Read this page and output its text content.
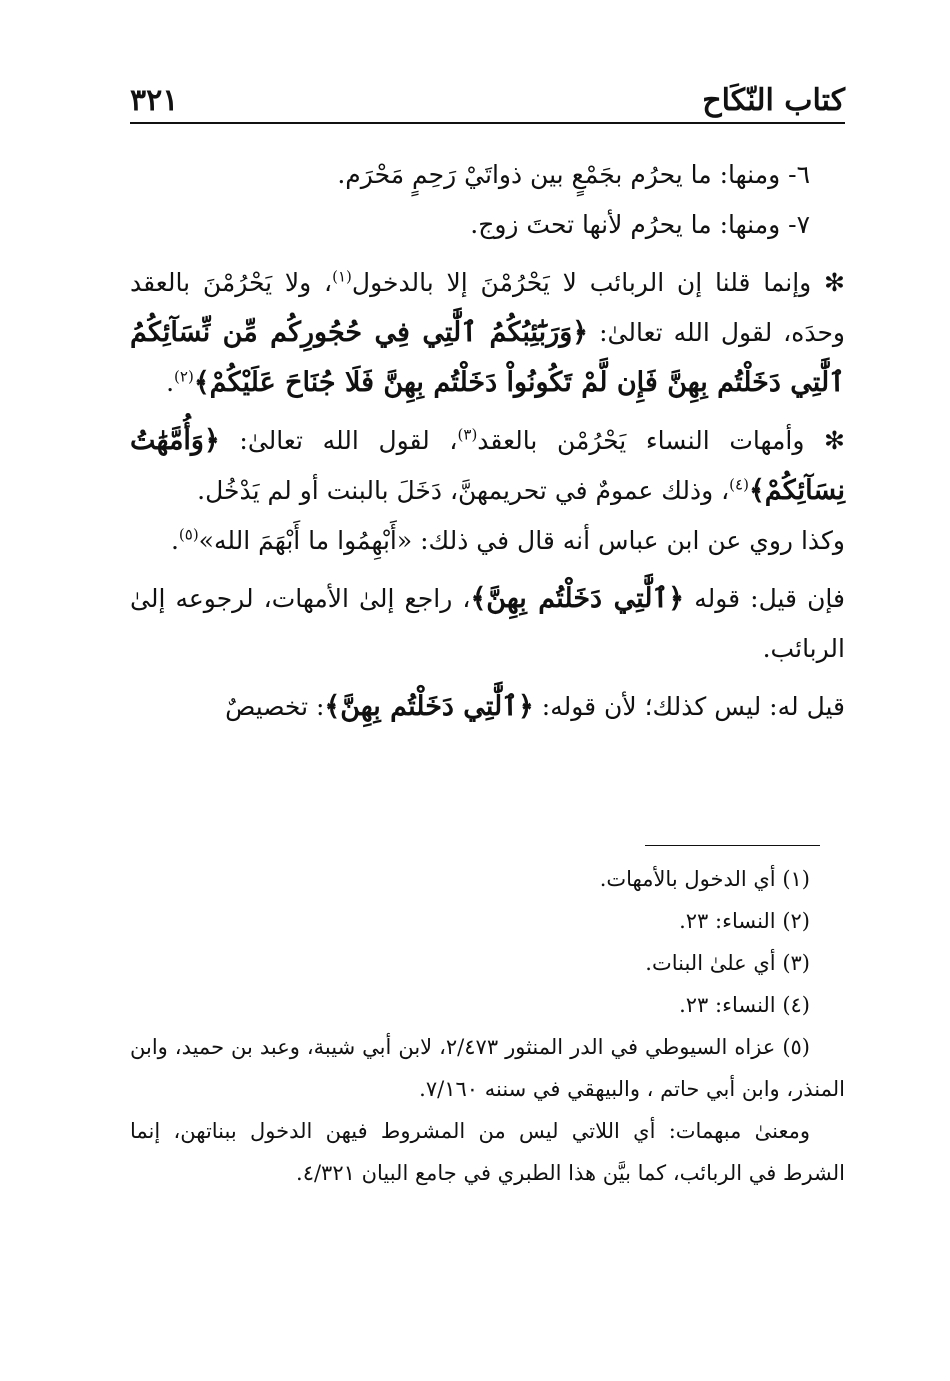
كتاب النّكَاح
٣٢١

٦- ومنها: ما يحرُم بجَمْعٍ بين ذواتَيْ رَحِمٍ مَحْرَم.

٧- ومنها: ما يحرُم لأنها تحتَ زوج.

✻ وإنما قلنا إن الربائب لا يَحْرُمْنَ إلا بالدخول$^{(١)}$، ولا يَحْرُمْنَ بالعقد وحدَه، لقول الله تعالىٰ: ﴿وَرَبَٰٓئِبُكُمُ ٱلَّٰتِي فِي حُجُورِكُم مِّن نِّسَآئِكُمُ ٱلَّٰتِي دَخَلْتُم بِهِنَّ فَإِن لَّمْ تَكُونُواْ دَخَلْتُم بِهِنَّ فَلَا جُنَاحَ عَلَيْكُمْ﴾$^{(٢)}$.

✻ وأمهات النساء يَحْرُمْن بالعقد$^{(٣)}$، لقول الله تعالىٰ: ﴿وَأُمَّهَٰتُ نِسَآئِكُمْ﴾$^{(٤)}$، وذلك عمومٌ في تحريمهنَّ، دَخَلَ بالبنت أو لم يَدْخُل.

وكذا روي عن ابن عباس أنه قال في ذلك: «أَبْهِمُوا ما أَبْهَمَ الله»$^{(٥)}$.

فإن قيل: قوله ﴿ٱلَّٰتِي دَخَلْتُم بِهِنَّ﴾، راجع إلىٰ الأمهات، لرجوعه إلىٰ الربائب.

قيل له: ليس كذلك؛ لأن قوله: ﴿ٱلَّٰتِي دَخَلْتُم بِهِنَّ﴾: تخصيصٌ

(١) أي الدخول بالأمهات.

(٢) النساء: ٢٣.

(٣) أي علىٰ البنات.

(٤) النساء: ٢٣.

(٥) عزاه السيوطي في الدر المنثور ٢/٤٧٣، لابن أبي شيبة، وعبد بن حميد، وابن المنذر، وابن أبي حاتم ، والبيهقي في سننه ٧/١٦٠.

ومعنىٰ مبهمات: أي اللاتي ليس من المشروط فيهن الدخول ببناتهن، إنما الشرط في الربائب، كما بيَّن هذا الطبري في جامع البيان ٤/٣٢١.
